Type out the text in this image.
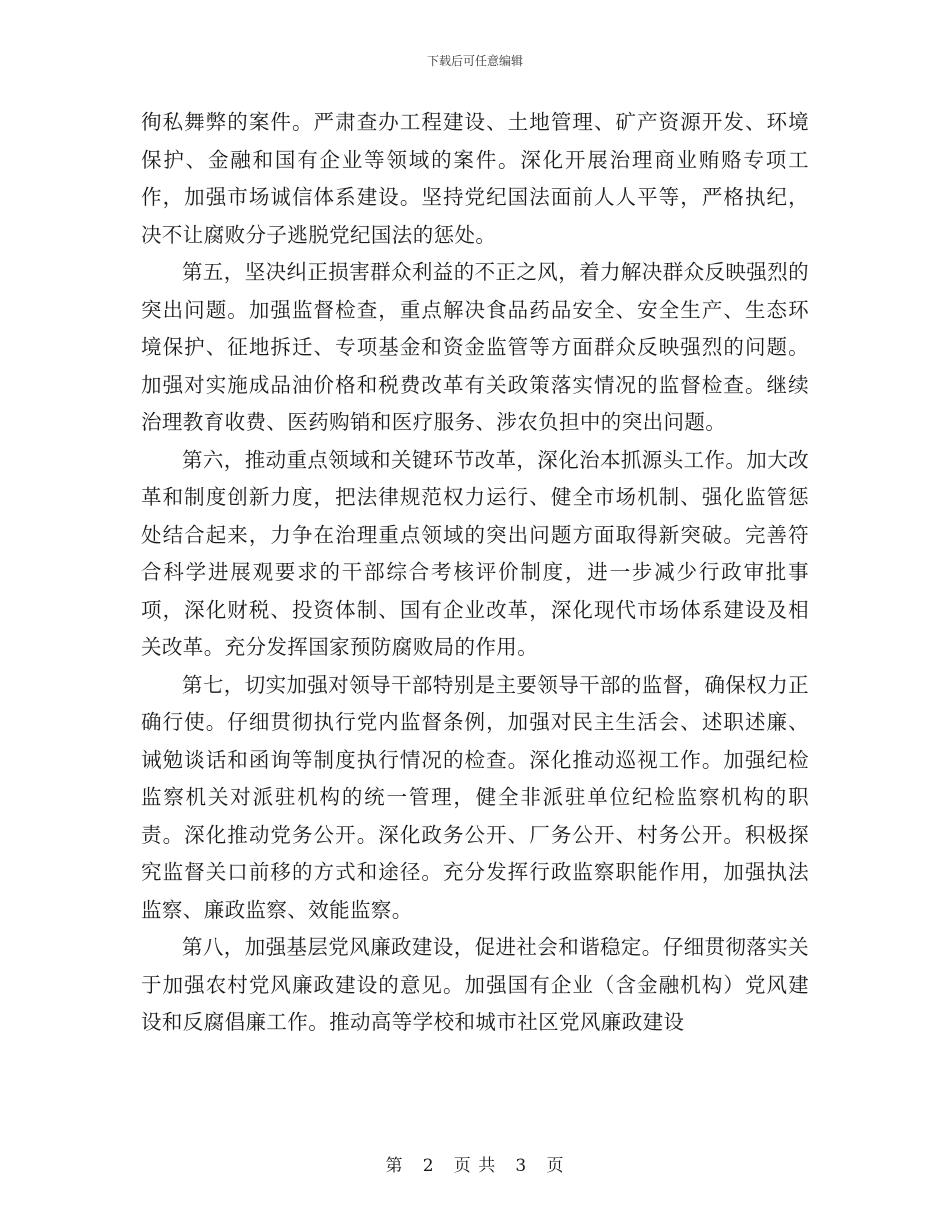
下载后可任意编辑

徇私舞弊的案件。严肃查办工程建设、土地管理、矿产资源开发、环境保护、金融和国有企业等领域的案件。深化开展治理商业贿赂专项工作，加强市场诚信体系建设。坚持党纪国法面前人人平等，严格执纪，决不让腐败分子逃脱党纪国法的惩处。

第五，坚决纠正损害群众利益的不正之风，着力解决群众反映强烈的突出问题。加强监督检查，重点解决食品药品安全、安全生产、生态环境保护、征地拆迁、专项基金和资金监管等方面群众反映强烈的问题。加强对实施成品油价格和税费改革有关政策落实情况的监督检查。继续治理教育收费、医药购销和医疗服务、涉农负担中的突出问题。

第六，推动重点领域和关键环节改革，深化治本抓源头工作。加大改革和制度创新力度，把法律规范权力运行、健全市场机制、强化监管惩处结合起来，力争在治理重点领域的突出问题方面取得新突破。完善符合科学进展观要求的干部综合考核评价制度，进一步减少行政审批事项，深化财税、投资体制、国有企业改革，深化现代市场体系建设及相关改革。充分发挥国家预防腐败局的作用。

第七，切实加强对领导干部特别是主要领导干部的监督，确保权力正确行使。仔细贯彻执行党内监督条例，加强对民主生活会、述职述廉、诫勉谈话和函询等制度执行情况的检查。深化推动巡视工作。加强纪检监察机关对派驻机构的统一管理，健全非派驻单位纪检监察机构的职责。深化推动党务公开。深化政务公开、厂务公开、村务公开。积极探究监督关口前移的方式和途径。充分发挥行政监察职能作用，加强执法监察、廉政监察、效能监察。

第八，加强基层党风廉政建设，促进社会和谐稳定。仔细贯彻落实关于加强农村党风廉政建设的意见。加强国有企业（含金融机构）党风建设和反腐倡廉工作。推动高等学校和城市社区党风廉政建设

第 2 页 共 3 页
